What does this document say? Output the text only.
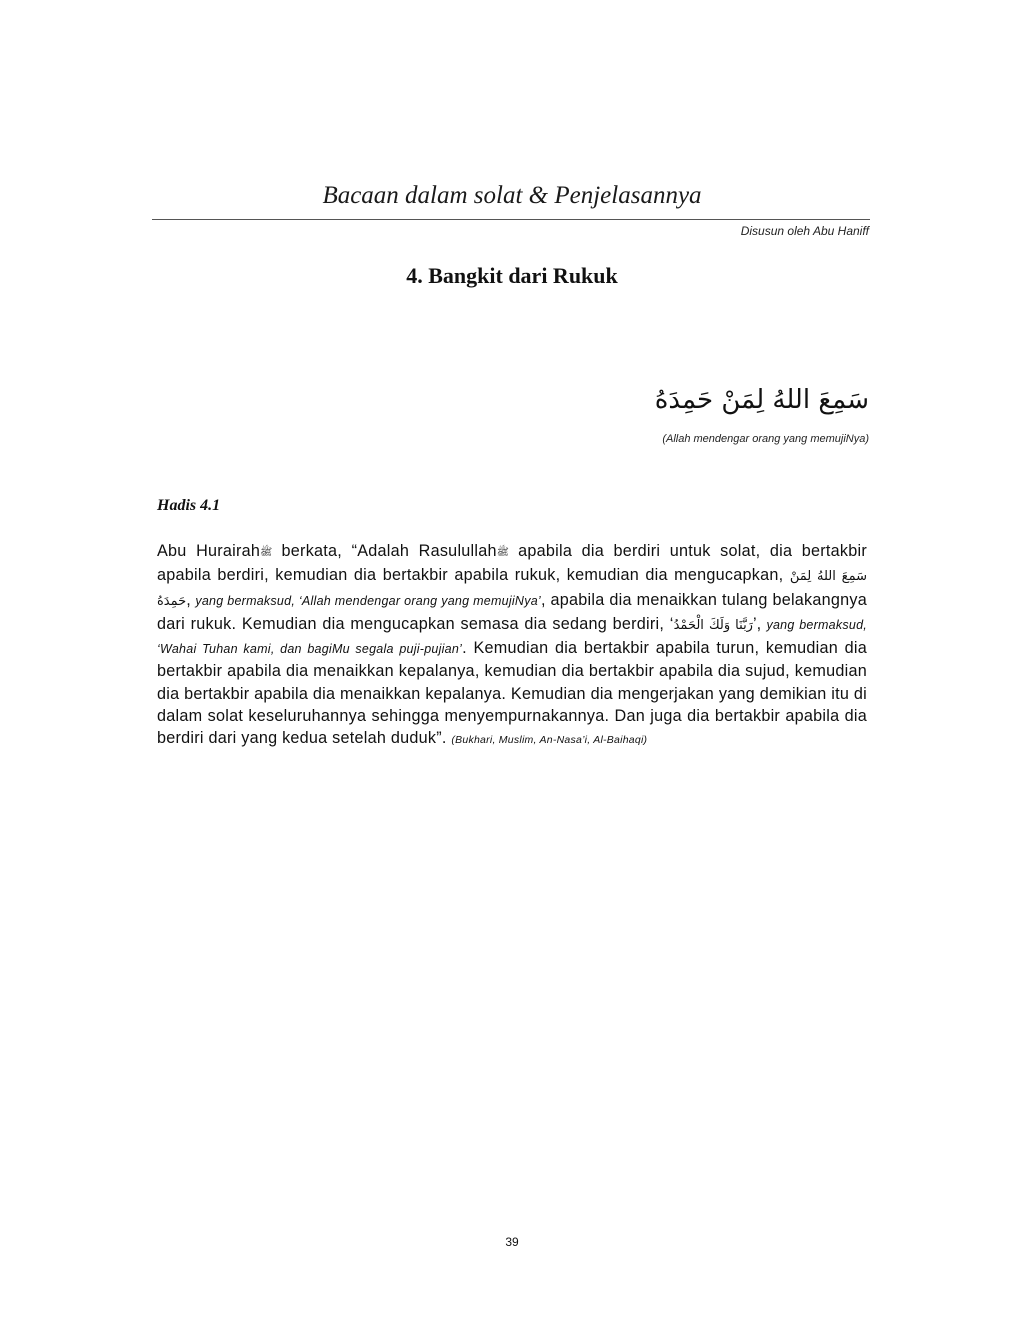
Bacaan dalam solat & Penjelasannya
Disusun oleh Abu Haniff
4. Bangkit dari Rukuk
سَمِعَ اللهُ لِمَنْ حَمِدَهُ
(Allah mendengar orang yang memujiNya)
Hadis 4.1
Abu Hurairahﷺ berkata, “Adalah Rasulullahﷺ apabila dia berdiri untuk solat, dia bertakbir apabila berdiri, kemudian dia bertakbir apabila rukuk, kemudian dia mengucapkan, سَمِعَ اللهُ لِمَنْ حَمِدَهُ, yang bermaksud, ‘Allah mendengar orang yang memujiNya’, apabila dia menaikkan tulang belakangnya dari rukuk. Kemudian dia mengucapkan semasa dia sedang berdiri, ‘رَبَّنَا وَلَكَ الْحَمْدُ’, yang bermaksud, ‘Wahai Tuhan kami, dan bagiMu segala puji-pujian’. Kemudian dia bertakbir apabila turun, kemudian dia bertakbir apabila dia menaikkan kepalanya, kemudian dia bertakbir apabila dia sujud, kemudian dia bertakbir apabila dia menaikkan kepalanya. Kemudian dia mengerjakan yang demikian itu di dalam solat keseluruhannya sehingga menyempurnakannya. Dan juga dia bertakbir apabila dia berdiri dari yang kedua setelah duduk”. (Bukhari, Muslim, An-Nasa’i, Al-Baihaqi)
39
